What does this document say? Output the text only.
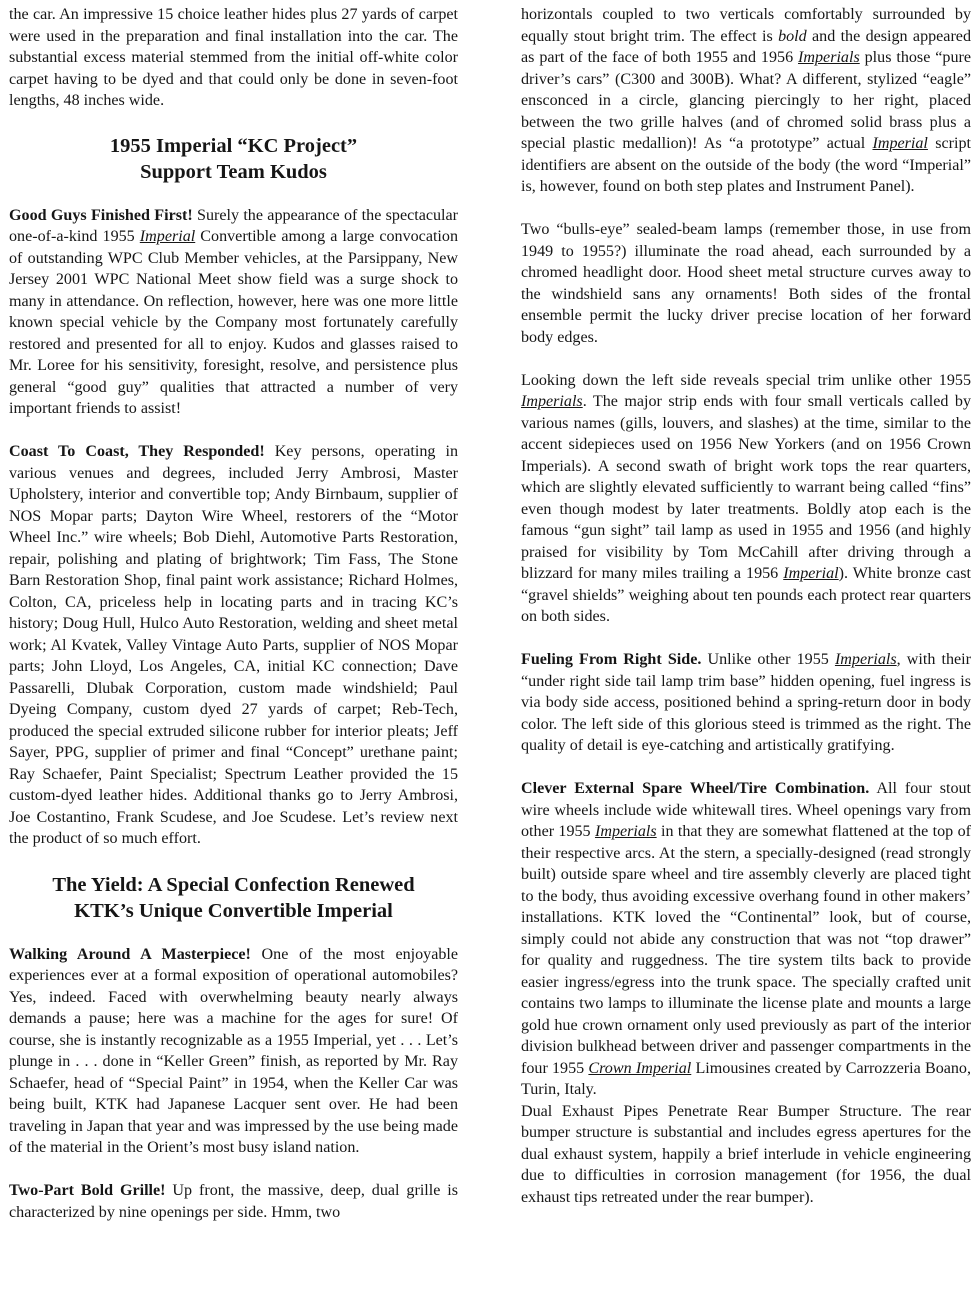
the car. An impressive 15 choice leather hides plus 27 yards of carpet were used in the preparation and final installation into the car. The substantial excess material stemmed from the initial off-white color carpet having to be dyed and that could only be done in seven-foot lengths, 48 inches wide.

1955 Imperial “KC Project”
Support Team Kudos

Good Guys Finished First! Surely the appearance of the spectacular one-of-a-kind 1955 Imperial Convertible among a large convocation of outstanding WPC Club Member vehicles, at the Parsippany, New Jersey 2001 WPC National Meet show field was a surge shock to many in attendance. On reflection, however, here was one more little known special vehicle by the Company most fortunately carefully restored and presented for all to enjoy. Kudos and glasses raised to Mr. Loree for his sensitivity, foresight, resolve, and persistence plus general “good guy” qualities that attracted a number of very important friends to assist!

Coast To Coast, They Responded! Key persons, operating in various venues and degrees, included Jerry Ambrosi, Master Upholstery, interior and convertible top; Andy Birnbaum, supplier of NOS Mopar parts; Dayton Wire Wheel, restorers of the “Motor Wheel Inc.” wire wheels; Bob Diehl, Automotive Parts Restoration, repair, polishing and plating of brightwork; Tim Fass, The Stone Barn Restoration Shop, final paint work assistance; Richard Holmes, Colton, CA, priceless help in locating parts and in tracing KC’s history; Doug Hull, Hulco Auto Restoration, welding and sheet metal work; Al Kvatek, Valley Vintage Auto Parts, supplier of NOS Mopar parts; John Lloyd, Los Angeles, CA, initial KC connection; Dave Passarelli, Dlubak Corporation, custom made windshield; Paul Dyeing Company, custom dyed 27 yards of carpet; Reb-Tech, produced the special extruded silicone rubber for interior pleats; Jeff Sayer, PPG, supplier of primer and final “Concept” urethane paint; Ray Schaefer, Paint Specialist; Spectrum Leather provided the 15 custom-dyed leather hides. Additional thanks go to Jerry Ambrosi, Joe Costantino, Frank Scudese, and Joe Scudese. Let’s review next the product of so much effort.

The Yield: A Special Confection Renewed
KTK’s Unique Convertible Imperial

Walking Around A Masterpiece! One of the most enjoyable experiences ever at a formal exposition of operational automobiles? Yes, indeed. Faced with overwhelming beauty nearly always demands a pause; here was a machine for the ages for sure! Of course, she is instantly recognizable as a 1955 Imperial, yet . . . Let’s plunge in . . . done in “Keller Green” finish, as reported by Mr. Ray Schaefer, head of “Special Paint” in 1954, when the Keller Car was being built, KTK had Japanese Lacquer sent over. He had been traveling in Japan that year and was impressed by the use being made of the material in the Orient’s most busy island nation.

Two-Part Bold Grille! Up front, the massive, deep, dual grille is characterized by nine openings per side. Hmm, two

horizontals coupled to two verticals comfortably surrounded by equally stout bright trim. The effect is bold and the design appeared as part of the face of both 1955 and 1956 Imperials plus those “pure driver’s cars” (C300 and 300B). What? A different, stylized “eagle” ensconced in a circle, glancing piercingly to her right, placed between the two grille halves (and of chromed solid brass plus a special plastic medallion)! As “a prototype” actual Imperial script identifiers are absent on the outside of the body (the word “Imperial” is, however, found on both step plates and Instrument Panel).

Two “bulls-eye” sealed-beam lamps (remember those, in use from 1949 to 1955?) illuminate the road ahead, each surrounded by a chromed headlight door. Hood sheet metal structure curves away to the windshield sans any ornaments! Both sides of the frontal ensemble permit the lucky driver precise location of her forward body edges.

Looking down the left side reveals special trim unlike other 1955 Imperials. The major strip ends with four small verticals called by various names (gills, louvers, and slashes) at the time, similar to the accent sidepieces used on 1956 New Yorkers (and on 1956 Crown Imperials). A second swath of bright work tops the rear quarters, which are slightly elevated sufficiently to warrant being called “fins” even though modest by later treatments. Boldly atop each is the famous “gun sight” tail lamp as used in 1955 and 1956 (and highly praised for visibility by Tom McCahill after driving through a blizzard for many miles trailing a 1956 Imperial). White bronze cast “gravel shields” weighing about ten pounds each protect rear quarters on both sides.

Fueling From Right Side. Unlike other 1955 Imperials, with their “under right side tail lamp trim base” hidden opening, fuel ingress is via body side access, positioned behind a spring-return door in body color. The left side of this glorious steed is trimmed as the right. The quality of detail is eye-catching and artistically gratifying.

Clever External Spare Wheel/Tire Combination. All four stout wire wheels include wide whitewall tires. Wheel openings vary from other 1955 Imperials in that they are somewhat flattened at the top of their respective arcs. At the stern, a specially-designed (read strongly built) outside spare wheel and tire assembly cleverly are placed tight to the body, thus avoiding excessive overhang found in other makers’ installations. KTK loved the “Continental” look, but of course, simply could not abide any construction that was not “top drawer” for quality and ruggedness. The tire system tilts back to provide easier ingress/egress into the trunk space. The specially crafted unit contains two lamps to illuminate the license plate and mounts a large gold hue crown ornament only used previously as part of the interior division bulkhead between driver and passenger compartments in the four 1955 Crown Imperial Limousines created by Carrozzeria Boano, Turin, Italy.

Dual Exhaust Pipes Penetrate Rear Bumper Structure. The rear bumper structure is substantial and includes egress apertures for the dual exhaust system, happily a brief interlude in vehicle engineering due to difficulties in corrosion management (for 1956, the dual exhaust tips retreated under the rear bumper).
